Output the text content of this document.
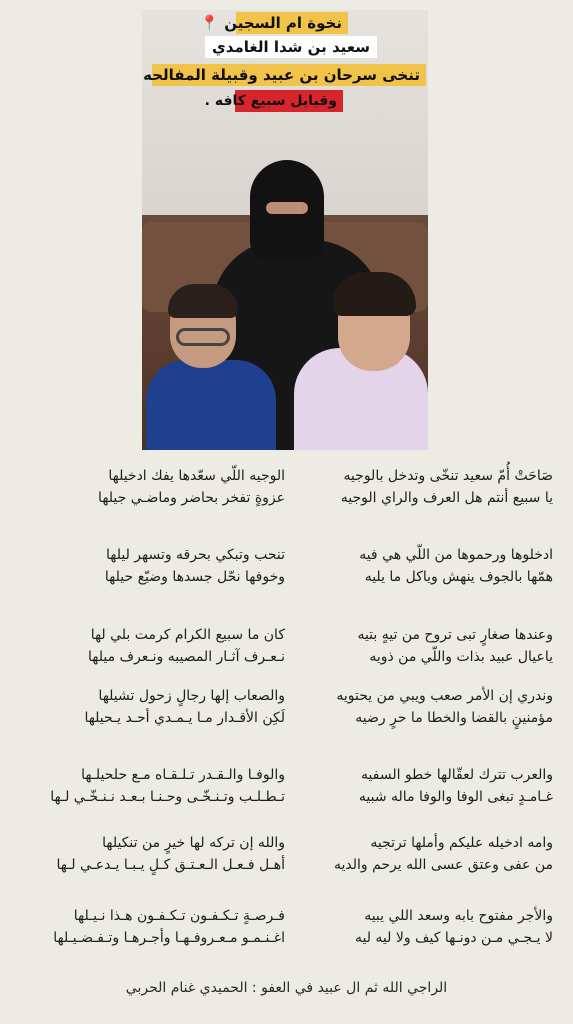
نخوة ام السجين 📍
سعيد بن شدا الغامدي
تنخى سرحان بن عبيد وقبيلة المفالحه
وقبايل سبيع كافه .
صَاحَتْ أُمّ سعيد تنخّى وتدخل بالوجيه
يا سبيع أنتم هل العرف والراي الوجيه
ادخلوها ورحموها من اللّي هي فيه
همّها بالجوف ينهش وياكل ما يليه
وعندها صغارٍ تبى تروح من تيهٍ بتيه
ياعيال عبيد بذات واللّي من ذويه
وندري إن الأمر صعب ويبي من يحتويه
مؤمنينٍ بالقضا والخطا ما حرٍ رضيه
والعرب تترك لعقّالها خطو السفيه
غـامـدٍ تبغى الوفا والوفا ماله شبيه
وامه ادخيله عليكم وأملها ترتجيه
من عفى وعتق عسى الله يرحم والديه
والأجر مفتوح بابه وسعد اللي يبيه
لا يـجـي مـن دونـها كيف ولا ليه ليه
الوجيه اللّي سعّدها يفك ادخيلها
عزوةٍ تفخر بحاضر وماضـي جيلها
تنحب وتبكي بحرقه وتسهر ليلها
وخوفها نحّل جسدها وضيّع حيلها
كان ما سبيع الكرام كرمت بلي لها
نـعـرف آثـار المصيبه ونـعرف ميلها
والصعاب إلها رجالٍ زحول تشيلها
لَكِن الأقـدار مـا يـمـدي أحـد يـحيلها
والوفـا والـقـدر تـلـقـاه مـع حلحيلـها
تـطـلـب وتـنـخّـى وحـنـا بـعـد نـنـخّـي لـها
والله إن تركه لها خيرٍ من تنكيلها
أهـل فـعـل الـعـتـق كـلٍ يـبـا يـدعـي لـها
فـرصـةٍ تـكـفـون تـكـفـون هـذا نـيـلها
اغـنـمـو مـعـروفـهـا وأجـرهـا وتـفـضـيـلها
الراجي الله ثم ال عبيد في العفو : الحميدي غنام الحربي
